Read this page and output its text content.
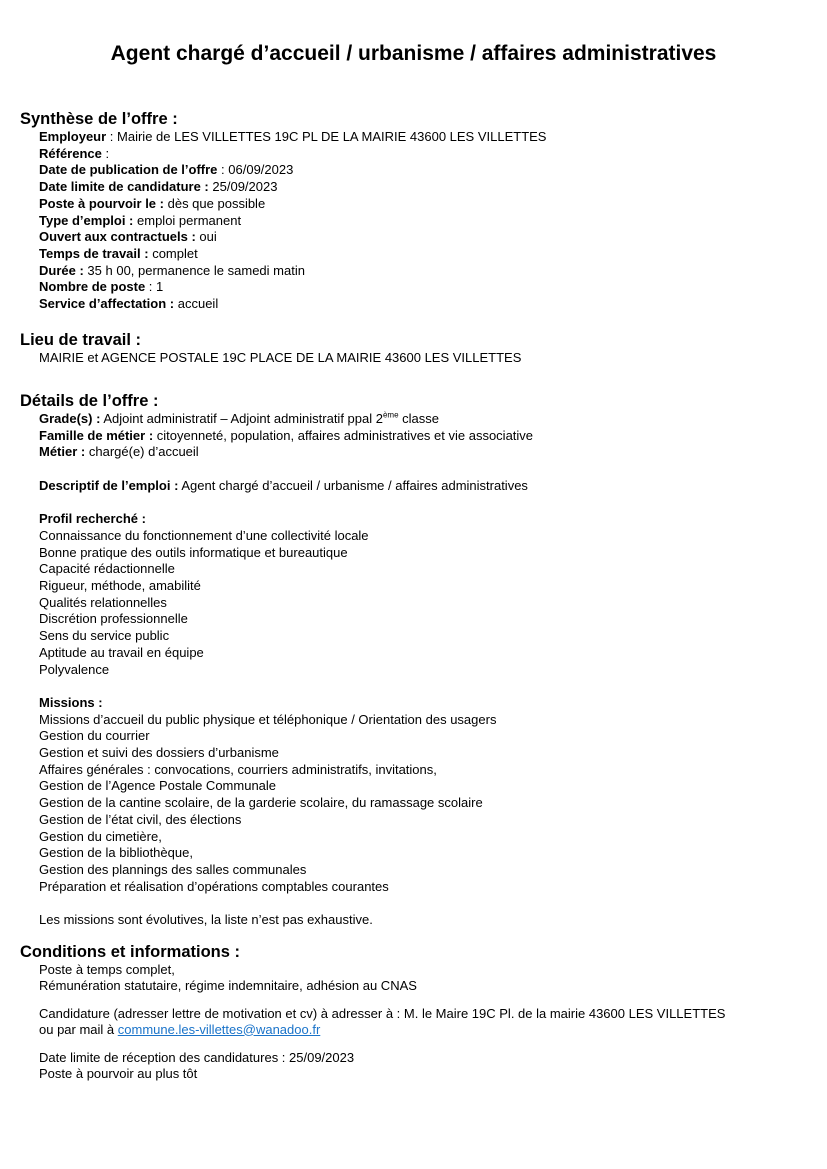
Agent chargé d’accueil / urbanisme / affaires administratives
Synthèse de l’offre :
Employeur : Mairie de LES VILLETTES 19C PL DE LA MAIRIE 43600 LES VILLETTES
Référence :
Date de publication de l’offre : 06/09/2023
Date limite de candidature : 25/09/2023
Poste à pourvoir le : dès que possible
Type d’emploi : emploi permanent
Ouvert aux contractuels : oui
Temps de travail : complet
Durée : 35 h 00, permanence le samedi matin
Nombre de poste : 1
Service d’affectation : accueil
Lieu de travail :
MAIRIE et AGENCE POSTALE 19C PLACE DE LA MAIRIE 43600 LES VILLETTES
Détails de l’offre :
Grade(s) : Adjoint administratif – Adjoint administratif ppal 2ème classe
Famille de métier : citoyenneté, population, affaires administratives et vie associative
Métier : chargé(e) d’accueil
Descriptif de l’emploi : Agent chargé d’accueil / urbanisme / affaires administratives
Profil recherché :
Connaissance du fonctionnement d’une collectivité locale
Bonne pratique des outils informatique et bureautique
Capacité rédactionnelle
Rigueur, méthode, amabilité
Qualités relationnelles
Discrétion professionnelle
Sens du service public
Aptitude au travail en équipe
Polyvalence
Missions :
Missions d’accueil du public physique et téléphonique / Orientation des usagers
Gestion du courrier
Gestion et suivi des dossiers d’urbanisme
Affaires générales : convocations, courriers administratifs, invitations,
Gestion de l’Agence Postale Communale
Gestion de la cantine scolaire, de la garderie scolaire, du ramassage scolaire
Gestion de l’état civil, des élections
Gestion du cimetière,
Gestion de la bibliothèque,
Gestion des plannings des salles communales
Préparation et réalisation d’opérations comptables courantes
Les missions sont évolutives, la liste n’est pas exhaustive.
Conditions et informations :
Poste à temps complet,
Rémunération statutaire, régime indemnitaire, adhésion au CNAS
Candidature (adresser lettre de motivation et cv) à adresser à : M. le Maire 19C Pl. de la mairie 43600 LES VILLETTES
ou par mail à commune.les-villettes@wanadoo.fr
Date limite de réception des candidatures : 25/09/2023
Poste à pourvoir au plus tôt
